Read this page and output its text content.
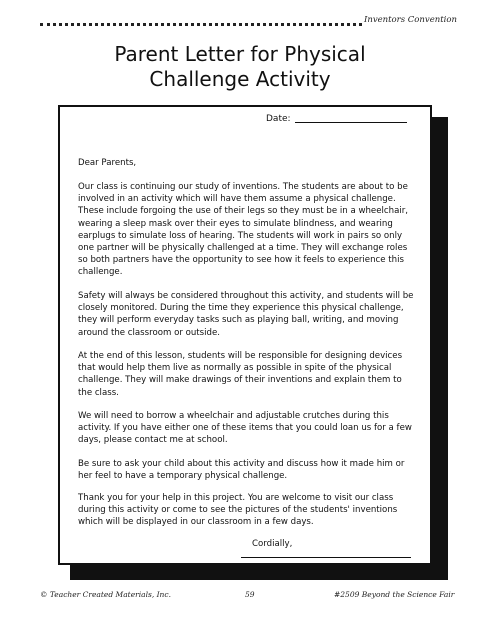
Inventors Convention
Parent Letter for Physical
Challenge Activity
Date:
Dear Parents,

Our class is continuing our study of inventions. The students are about to be involved in an activity which will have them assume a physical challenge. These include forgoing the use of their legs so they must be in a wheelchair, wearing a sleep mask over their eyes to simulate blindness, and wearing earplugs to simulate loss of hearing. The students will work in pairs so only one partner will be physically challenged at a time. They will exchange roles so both partners have the opportunity to see how it feels to experience this challenge.

Safety will always be considered throughout this activity, and students will be closely monitored. During the time they experience this physical challenge, they will perform everyday tasks such as playing ball, writing, and moving around the classroom or outside.

At the end of this lesson, students will be responsible for designing devices that would help them live as normally as possible in spite of the physical challenge. They will make drawings of their inventions and explain them to the class.

We will need to borrow a wheelchair and adjustable crutches during this activity. If you have either one of these items that you could loan us for a few days, please contact me at school.

Be sure to ask your child about this activity and discuss how it made him or her feel to have a temporary physical challenge.

Thank you for your help in this project. You are welcome to visit our class during this activity or come to see the pictures of the students' inventions which will be displayed in our classroom in a few days.

Cordially,
© Teacher Created Materials, Inc.	59	#2509 Beyond the Science Fair
